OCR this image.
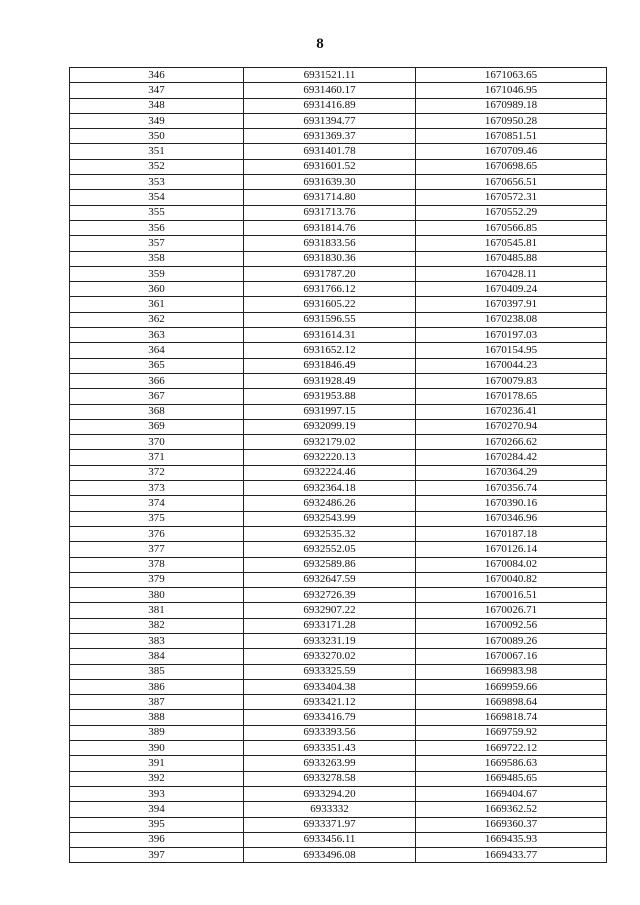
8
346	6931521.11	1671063.65
347	6931460.17	1671046.95
348	6931416.89	1670989.18
349	6931394.77	1670950.28
350	6931369.37	1670851.51
351	6931401.78	1670709.46
352	6931601.52	1670698.65
353	6931639.30	1670656.51
354	6931714.80	1670572.31
355	6931713.76	1670552.29
356	6931814.76	1670566.85
357	6931833.56	1670545.81
358	6931830.36	1670485.88
359	6931787.20	1670428.11
360	6931766.12	1670409.24
361	6931605.22	1670397.91
362	6931596.55	1670238.08
363	6931614.31	1670197.03
364	6931652.12	1670154.95
365	6931846.49	1670044.23
366	6931928.49	1670079.83
367	6931953.88	1670178.65
368	6931997.15	1670236.41
369	6932099.19	1670270.94
370	6932179.02	1670266.62
371	6932220.13	1670284.42
372	6932224.46	1670364.29
373	6932364.18	1670356.74
374	6932486.26	1670390.16
375	6932543.99	1670346.96
376	6932535.32	1670187.18
377	6932552.05	1670126.14
378	6932589.86	1670084.02
379	6932647.59	1670040.82
380	6932726.39	1670016.51
381	6932907.22	1670026.71
382	6933171.28	1670092.56
383	6933231.19	1670089.26
384	6933270.02	1670067.16
385	6933325.59	1669983.98
386	6933404.38	1669959.66
387	6933421.12	1669898.64
388	6933416.79	1669818.74
389	6933393.56	1669759.92
390	6933351.43	1669722.12
391	6933263.99	1669586.63
392	6933278.58	1669485.65
393	6933294.20	1669404.67
394	6933332	1669362.52
395	6933371.97	1669360.37
396	6933456.11	1669435.93
397	6933496.08	1669433.77
